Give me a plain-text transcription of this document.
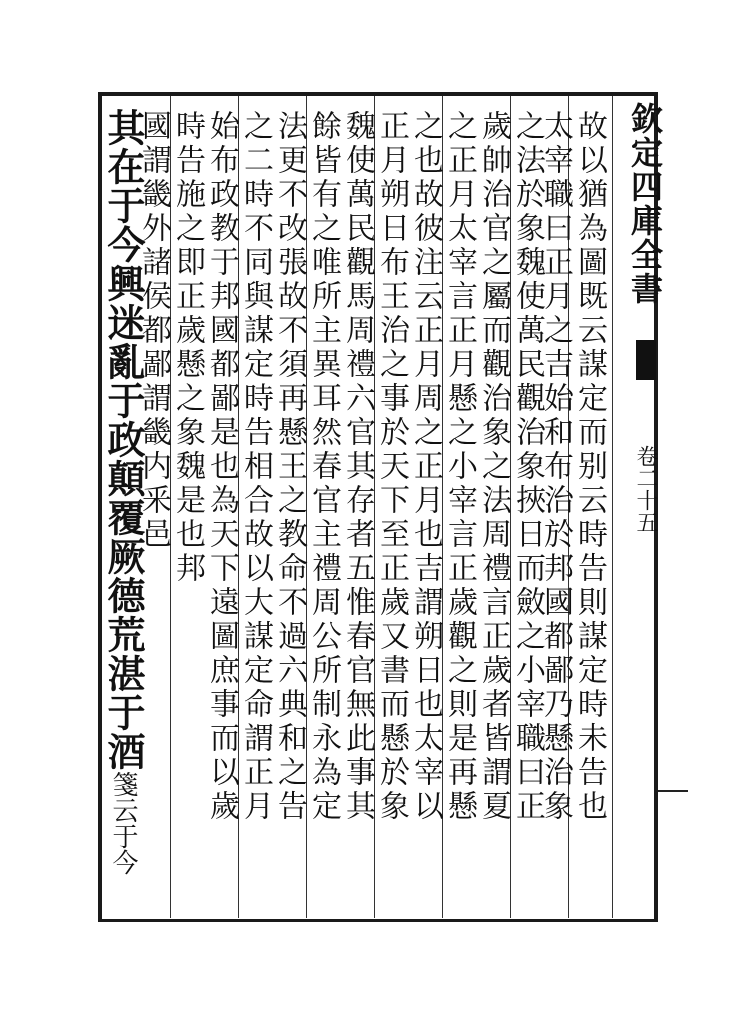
欽定四庫全書
卷二十五
故以猶為圖既云謀定而别云時告則謀定時未告也
太宰職曰正月之吉始和布治於邦國都鄙乃懸治象
之法於象魏使萬民觀治象挾日而斂之小宰職曰正
歲帥治官之屬而觀治象之法周禮言正歲者皆謂夏
之正月太宰言正月懸之小宰言正歲觀之則是再懸
之也故彼注云正月周之正月也吉謂朔日也太宰以
正月朔日布王治之事於天下至正歲又書而懸於象
魏使萬民觀馬周禮六官其存者五惟春官無此事其
餘皆有之唯所主異耳然春官主禮周公所制永為定
法更不改張故不須再懸王之教命不過六典和之告
之二時不同與謀定時告相合故以大謀定命謂正月
始布政教于邦國都鄙是也為天下遠圖庶事而以歲
時告施之即正歲懸之象魏是也邦
國謂畿外諸侯都鄙謂畿内釆邑
其在于今興迷亂于政顛覆厥德荒湛于酒箋云于今
